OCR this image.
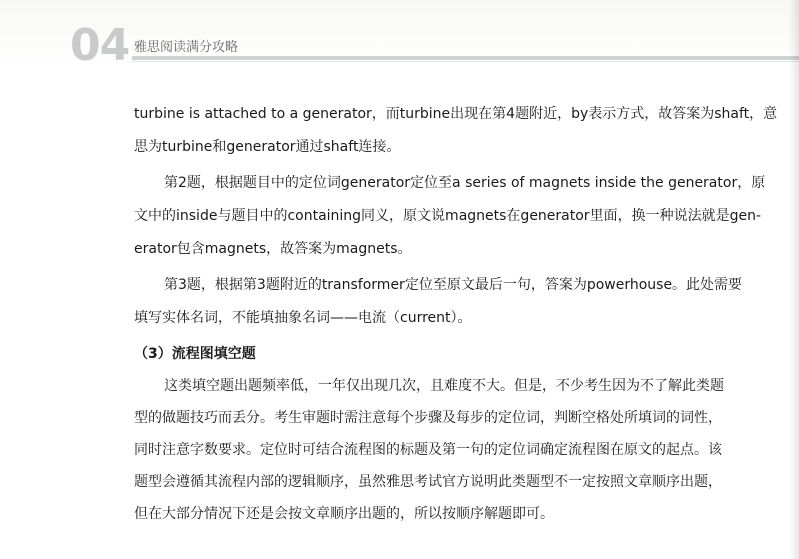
04 雅思阅读满分攻略
turbine is attached to a generator，而turbine出现在第4题附近，by表示方式，故答案为shaft，意
思为turbine和generator通过shaft连接。
第2题，根据题目中的定位词generator定位至a series of magnets inside the generator，原
文中的inside与题目中的containing同义，原文说magnets在generator里面，换一种说法就是gen-
erator包含magnets，故答案为magnets。
第3题，根据第3题附近的transformer定位至原文最后一句，答案为powerhouse。此处需要
填写实体名词，不能填抽象名词——电流（current）。
（3）流程图填空题
这类填空题出题频率低，一年仅出现几次，且难度不大。但是，不少考生因为不了解此类题
型的做题技巧而丢分。考生审题时需注意每个步骤及每步的定位词，判断空格处所填词的词性，
同时注意字数要求。定位时可结合流程图的标题及第一句的定位词确定流程图在原文的起点。该
题型会遵循其流程内部的逻辑顺序，虽然雅思考试官方说明此类题型不一定按照文章顺序出题，
但在大部分情况下还是会按文章顺序出题的，所以按顺序解题即可。
